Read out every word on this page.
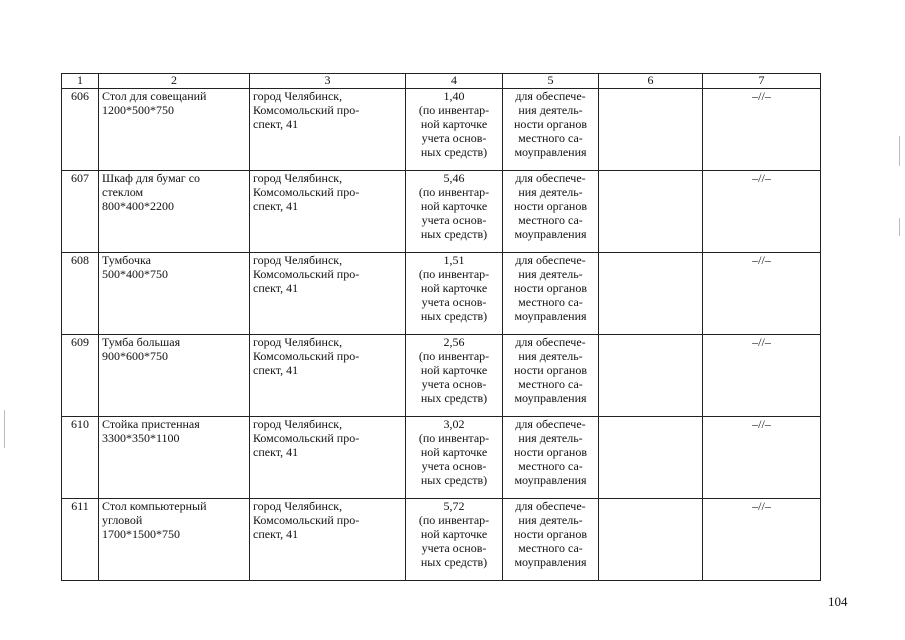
1	2	3	4	5	6	7
606	Стол для совещаний
1200*500*750	город Челябинск,
Комсомольский про-
спект, 41	1,40
(по инвентар-
ной карточке
учета основ-
ных средств)	для обеспече-
ния деятель-
ности органов
местного са-
моуправления		–//–
607	Шкаф для бумаг со
стеклом
800*400*2200	город Челябинск,
Комсомольский про-
спект, 41	5,46
(по инвентар-
ной карточке
учета основ-
ных средств)	для обеспече-
ния деятель-
ности органов
местного са-
моуправления		–//–
608	Тумбочка
500*400*750	город Челябинск,
Комсомольский про-
спект, 41	1,51
(по инвентар-
ной карточке
учета основ-
ных средств)	для обеспече-
ния деятель-
ности органов
местного са-
моуправления		–//–
609	Тумба большая
900*600*750	город Челябинск,
Комсомольский про-
спект, 41	2,56
(по инвентар-
ной карточке
учета основ-
ных средств)	для обеспече-
ния деятель-
ности органов
местного са-
моуправления		–//–
610	Стойка пристенная
3300*350*1100	город Челябинск,
Комсомольский про-
спект, 41	3,02
(по инвентар-
ной карточке
учета основ-
ных средств)	для обеспече-
ния деятель-
ности органов
местного са-
моуправления		–//–
611	Стол компьютерный
угловой
1700*1500*750	город Челябинск,
Комсомольский про-
спект, 41	5,72
(по инвентар-
ной карточке
учета основ-
ных средств)	для обеспече-
ния деятель-
ности органов
местного са-
моуправления		–//–
104
